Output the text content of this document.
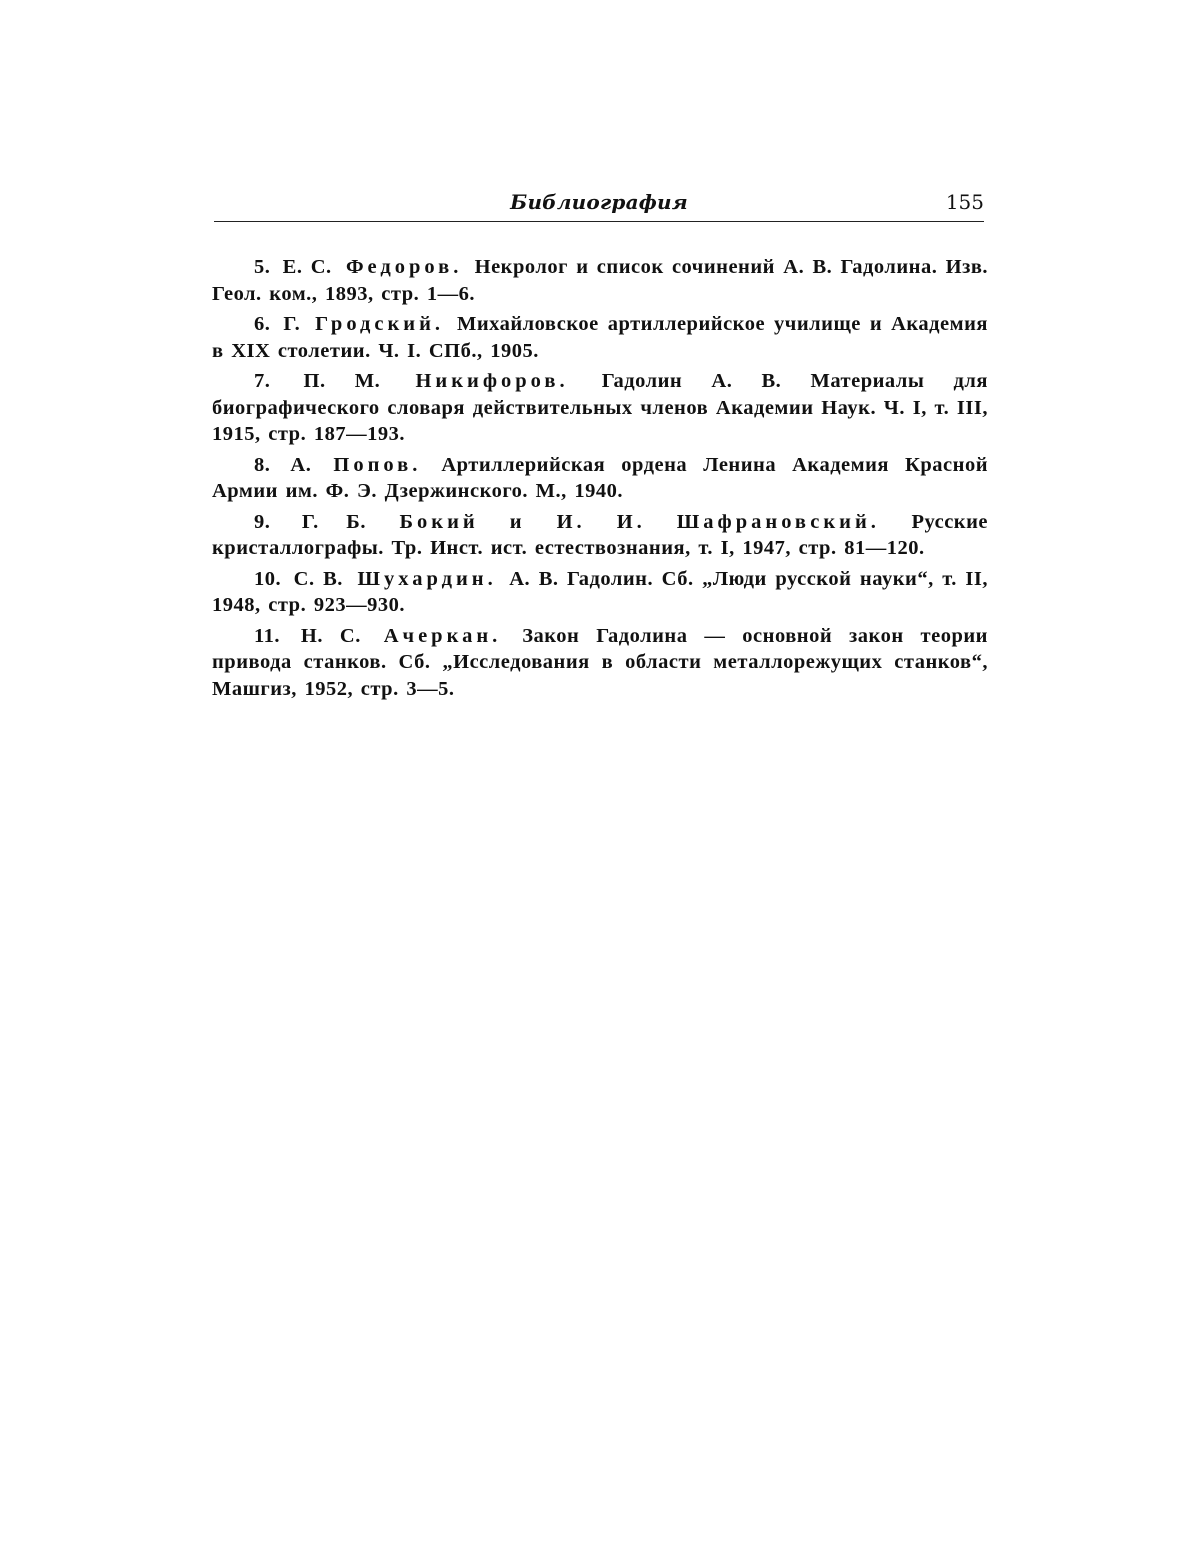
Библиография	155
5. Е. С. Федоров. Некролог и список сочинений А. В. Гадолина. Изв. Геол. ком., 1893, стр. 1—6.
6. Г. Гродский. Михайловское артиллерийское училище и Академия в XIX столетии. Ч. I. СПб., 1905.
7. П. М. Никифоров. Гадолин А. В. Материалы для биографического словаря действительных членов Академии Наук. Ч. I, т. III, 1915, стр. 187—193.
8. А. Попов. Артиллерийская ордена Ленина Академия Красной Армии им. Ф. Э. Дзержинского. М., 1940.
9. Г. Б. Бокий и И. И. Шафрановский. Русские кристаллографы. Тр. Инст. ист. естествознания, т. I, 1947, стр. 81—120.
10. С. В. Шухардин. А. В. Гадолин. Сб. „Люди русской науки“, т. II, 1948, стр. 923—930.
11. Н. С. Ачеркан. Закон Гадолина — основной закон теории привода станков. Сб. „Исследования в области металлорежущих станков“, Машгиз, 1952, стр. 3—5.
